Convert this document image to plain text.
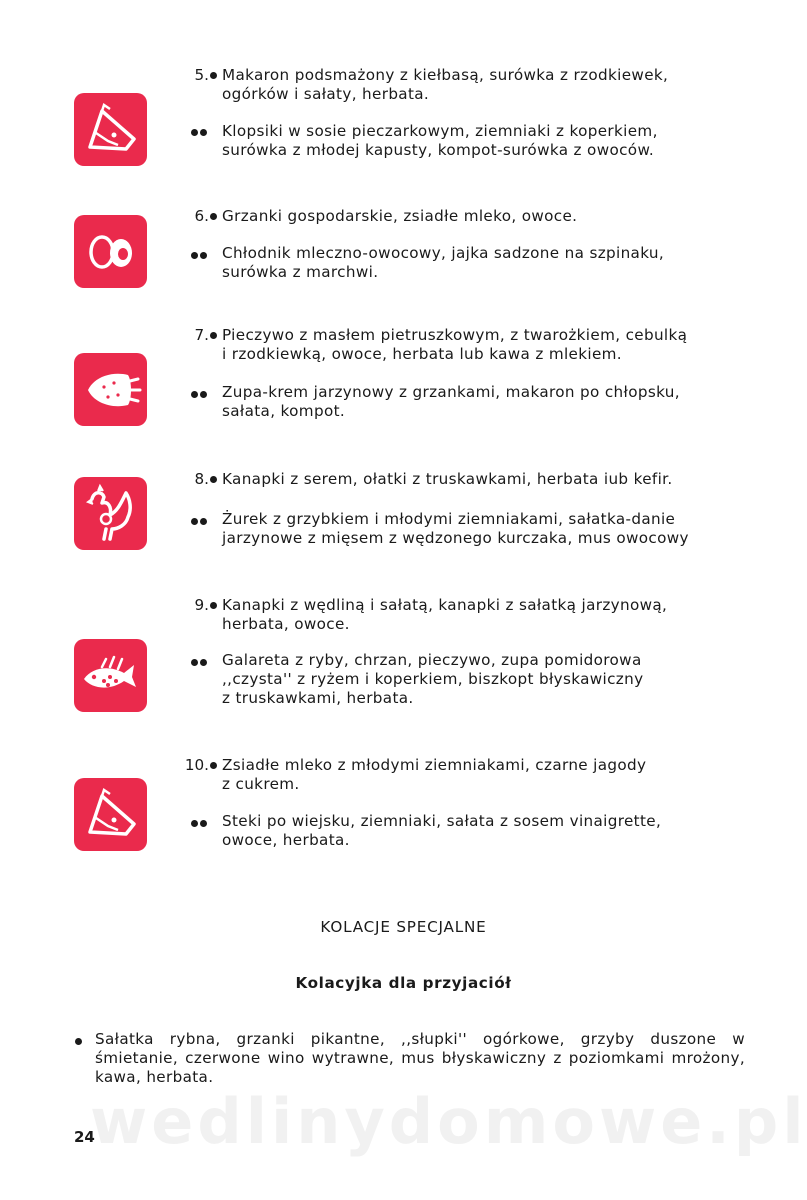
wedlinydomowe.pl
5. Makaron podsmażony z kiełbasą, surówka z rzodkiewek,
ogórków i sałaty, herbata.
Klopsiki w sosie pieczarkowym, ziemniaki z koperkiem,
surówka z młodej kapusty, kompot-surówka z owoców.
6. Grzanki gospodarskie, zsiadłe mleko, owoce.
Chłodnik mleczno-owocowy, jajka sadzone na szpinaku,
surówka z marchwi.
7. Pieczywo z masłem pietruszkowym, z twarożkiem, cebulką
i rzodkiewką, owoce, herbata lub kawa z mlekiem.
Zupa-krem jarzynowy z grzankami, makaron po chłopsku,
sałata, kompot.
8. Kanapki z serem, ołatki z truskawkami, herbata iub kefir.
Żurek z grzybkiem i młodymi ziemniakami, sałatka-danie
jarzynowe z mięsem z wędzonego kurczaka, mus owocowy
9. Kanapki z wędliną i sałatą, kanapki z sałatką jarzynową,
herbata, owoce.
Galareta z ryby, chrzan, pieczywo, zupa pomidorowa
,,czysta'' z ryżem i koperkiem, biszkopt błyskawiczny
z truskawkami, herbata.
10. Zsiadłe mleko z młodymi ziemniakami, czarne jagody
z cukrem.
Steki po wiejsku, ziemniaki, sałata z sosem vinaigrette,
owoce, herbata.
KOLACJE SPECJALNE
Kolacyjka dla przyjaciół
Sałatka rybna, grzanki pikantne, ,,słupki'' ogórkowe, grzyby duszone w śmietanie, czerwone wino wytrawne, mus błyskawiczny z poziomkami mrożony, kawa, herbata.
24
